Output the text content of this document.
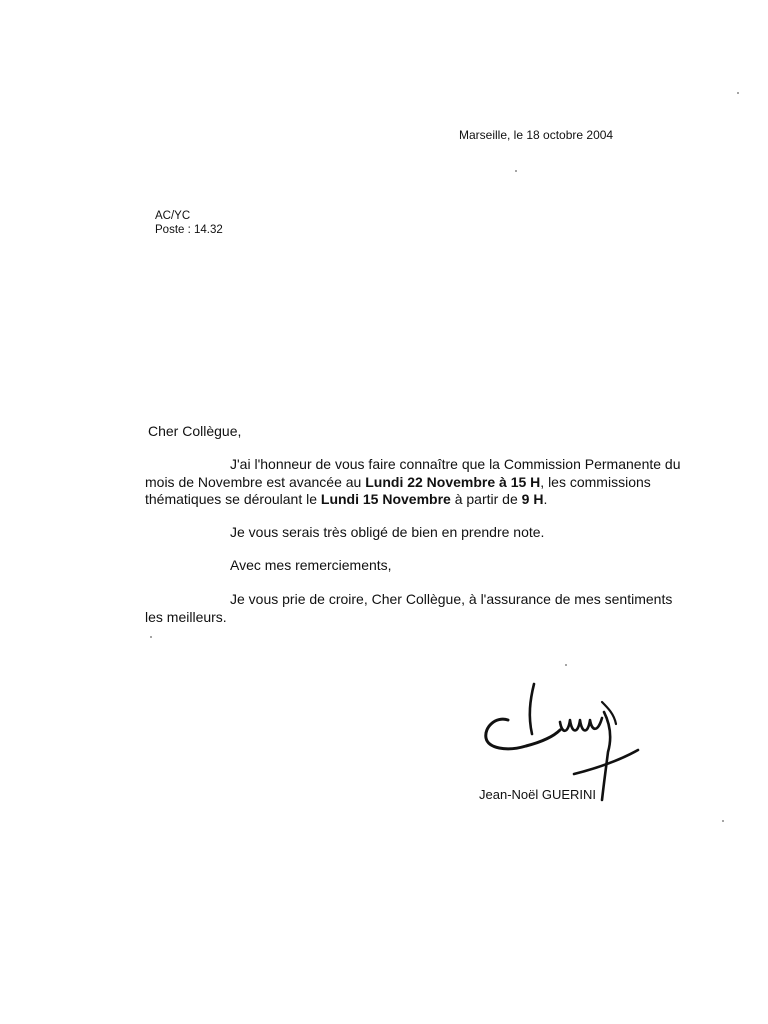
Marseille, le 18 octobre 2004
AC/YC
Poste : 14.32
Cher Collègue,
J'ai l'honneur de vous faire connaître que la Commission Permanente du mois de Novembre est avancée au Lundi 22 Novembre à 15 H, les commissions thématiques se déroulant le Lundi 15 Novembre à partir de 9 H.
Je vous serais très obligé de bien en prendre note.
Avec mes remerciements,
Je vous prie de croire, Cher Collègue, à l'assurance de mes sentiments les meilleurs.
Jean-Noël GUERINI
